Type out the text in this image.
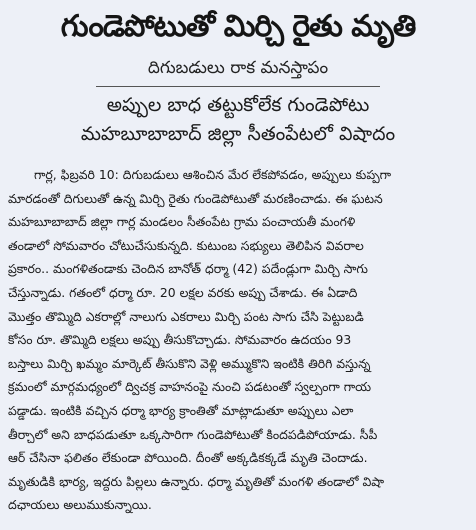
గుండెపోటుతో మిర్చి రైతు మృతి
దిగుబడులు రాక మనస్తాపం
అప్పుల బాధ తట్టుకోలేక గుండెపోటు
మహబూబాబాద్ జిల్లా సీతంపేటలో విషాదం
గార్ల, ఫిబ్రవరి 10: దిగుబడులు ఆశించిన మేర లేకపోవడం, అప్పులు కుప్పగా
మారడంతో దిగులుతో ఉన్న మిర్చి రైతు గుండెపోటుతో మరణించాడు. ఈ ఘటన
మహబూబాబాద్ జిల్లా గార్ల మండలం సీతంపేట గ్రామ పంచాయతీ మంగళి
తండాలో సోమవారం చోటుచేసుకున్నది. కుటుంబ సభ్యులు తెలిపిన వివరాల
ప్రకారం.. మంగళితండాకు చెందిన బానోత్ ధర్మా (42) పదేండ్లుగా మిర్చి సాగు
చేస్తున్నాడు. గతంలో ధర్మా రూ. 20 లక్షల వరకు అప్పు చేశాడు. ఈ ఏడాది
మొత్తం తొమ్మిది ఎకరాల్లో నాలుగు ఎకరాలు మిర్చి పంట సాగు చేసి పెట్టుబడి
కోసం రూ. తొమ్మిది లక్షలు అప్పు తీసుకొచ్చాడు. సోమవారం ఉదయం 93
బస్తాలు మిర్చి ఖమ్మం మార్కెట్ తీసుకొని వెళ్లి అమ్ముకొని ఇంటికి తిరిగి వస్తున్న
క్రమంలో మార్గమధ్యంలో ద్విచక్ర వాహనంపై నుంచి పడటంతో స్వల్పంగా గాయ
పడ్డాడు. ఇంటికి వచ్చిన ధర్మా భార్య క్రాంతితో మాట్లాడుతూ అప్పులు ఎలా
తీర్చాలో అని బాధపడుతూ ఒక్కసారిగా గుండెపోటుతో కిందపడిపోయాడు. సీపీ
ఆర్ చేసినా ఫలితం లేకుండా పోయింది. దీంతో అక్కడికక్కడే మృతి చెందాడు.
మృతుడికి భార్య, ఇద్దరు పిల్లలు ఉన్నారు. ధర్మా మృతితో మంగళి తండాలో విషా
దఛాయలు అలుముకున్నాయి.
